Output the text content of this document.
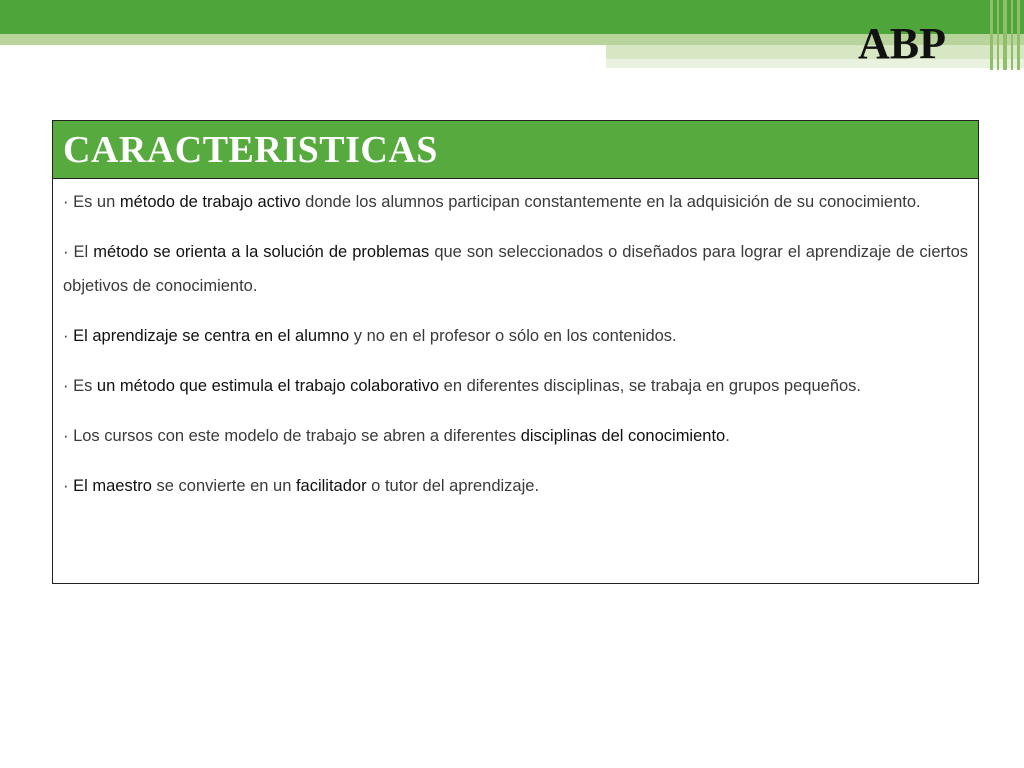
ABP
CARACTERISTICAS

· Es un método de trabajo activo donde los alumnos participan constantemente en la adquisición de su conocimiento.

· El método se orienta a la solución de problemas que son seleccionados o diseñados para lograr el aprendizaje de ciertos objetivos de conocimiento.

· El aprendizaje se centra en el alumno y no en el profesor o sólo en los contenidos.

· Es un método que estimula el trabajo colaborativo en diferentes disciplinas, se trabaja en grupos pequeños.

· Los cursos con este modelo de trabajo se abren a diferentes disciplinas del conocimiento.

· El maestro se convierte en un facilitador o tutor del aprendizaje.
